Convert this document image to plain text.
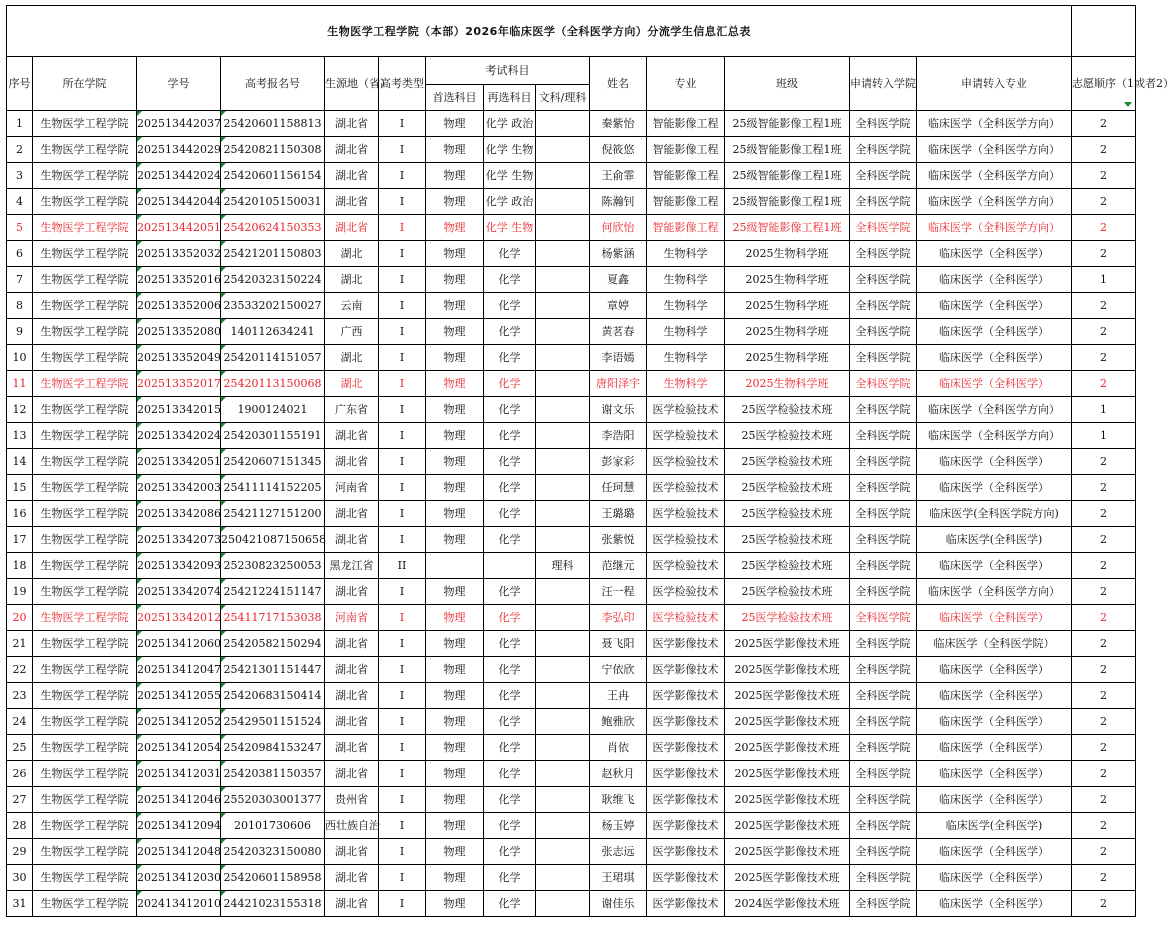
生物医学工程学院（本部）2026年临床医学（全科医学方向）分流学生信息汇总表														
序号	所在学院	学号	高考报名号	生源地（省）	高考类型	考试科目			姓名	专业	班级	申请转入学院	申请转入专业	志愿顺序（1或者2）

						首选科目	再选科目	文科/理科						
1	生物医学工程学院	202513442037	25420601158813	湖北省	I	物理	化学 政治		秦紫怡	智能影像工程	25级智能影像工程1班	全科医学院	临床医学（全科医学方向）	2
2	生物医学工程学院	202513442029	25420821150308	湖北省	I	物理	化学 生物		倪筱悠	智能影像工程	25级智能影像工程1班	全科医学院	临床医学（全科医学方向）	2
3	生物医学工程学院	202513442024	25420601156154	湖北省	I	物理	化学 生物		王俞霏	智能影像工程	25级智能影像工程1班	全科医学院	临床医学（全科医学方向）	2
4	生物医学工程学院	202513442044	25420105150031	湖北省	I	物理	化学 政治		陈瀚钊	智能影像工程	25级智能影像工程1班	全科医学院	临床医学（全科医学方向）	2
5	生物医学工程学院	202513442051	25420624150353	湖北省	I	物理	化学 生物		何欣怡	智能影像工程	25级智能影像工程1班	全科医学院	临床医学（全科医学方向）	2
6	生物医学工程学院	202513352032	25421201150803	湖北	I	物理	化学		杨紫涵	生物科学	2025生物科学班	全科医学院	临床医学（全科医学）	2
7	生物医学工程学院	202513352016	25420323150224	湖北	I	物理	化学		夏鑫	生物科学	2025生物科学班	全科医学院	临床医学（全科医学）	1
8	生物医学工程学院	202513352006	23533202150027	云南	I	物理	化学		章婷	生物科学	2025生物科学班	全科医学院	临床医学（全科医学）	2
9	生物医学工程学院	202513352080	140112634241	广西	I	物理	化学		黄茗春	生物科学	2025生物科学班	全科医学院	临床医学（全科医学）	2
10	生物医学工程学院	202513352049	25420114151057	湖北	I	物理	化学		李语嫣	生物科学	2025生物科学班	全科医学院	临床医学（全科医学）	2
11	生物医学工程学院	202513352017	25420113150068	湖北	I	物理	化学		唐阳泽宇	生物科学	2025生物科学班	全科医学院	临床医学（全科医学）	2
12	生物医学工程学院	202513342015	1900124021	广东省	I	物理	化学		谢文乐	医学检验技术	25医学检验技术班	全科医学院	临床医学（全科医学方向）	1
13	生物医学工程学院	202513342024	25420301155191	湖北省	I	物理	化学		李浩阳	医学检验技术	25医学检验技术班	全科医学院	临床医学（全科医学方向）	1
14	生物医学工程学院	202513342051	25420607151345	湖北省	I	物理	化学		彭家彩	医学检验技术	25医学检验技术班	全科医学院	临床医学（全科医学）	2
15	生物医学工程学院	202513342003	25411114152205	河南省	I	物理	化学		任珂慧	医学检验技术	25医学检验技术班	全科医学院	临床医学（全科医学）	2
16	生物医学工程学院	202513342086	25421127151200	湖北省	I	物理	化学		王璐璐	医学检验技术	25医学检验技术班	全科医学院	临床医学(全科医学院方向)	2
17	生物医学工程学院	202513342073	250421087150658	湖北省	I	物理	化学		张紫悦	医学检验技术	25医学检验技术班	全科医学院	临床医学(全科医学)	2
18	生物医学工程学院	202513342093	25230823250053	黑龙江省	II			理科	范继元	医学检验技术	25医学检验技术班	全科医学院	临床医学（全科医学）	2
19	生物医学工程学院	202513342074	25421224151147	湖北省	I	物理	化学		汪一程	医学检验技术	25医学检验技术班	全科医学院	临床医学（全科医学方向）	2
20	生物医学工程学院	202513342012	25411717153038	河南省	I	物理	化学		李弘印	医学检验技术	25医学检验技术班	全科医学院	临床医学（全科医学）	2
21	生物医学工程学院	202513412060	25420582150294	湖北省	I	物理	化学		聂飞阳	医学影像技术	2025医学影像技术班	全科医学院	临床医学（全科医学院）	2
22	生物医学工程学院	202513412047	25421301151447	湖北省	I	物理	化学		宁依欣	医学影像技术	2025医学影像技术班	全科医学院	临床医学（全科医学）	2
23	生物医学工程学院	202513412055	25420683150414	湖北省	I	物理	化学		王冉	医学影像技术	2025医学影像技术班	全科医学院	临床医学（全科医学）	2
24	生物医学工程学院	202513412052	25429501151524	湖北省	I	物理	化学		鲍雅欣	医学影像技术	2025医学影像技术班	全科医学院	临床医学（全科医学）	2
25	生物医学工程学院	202513412054	25420984153247	湖北省	I	物理	化学		肖依	医学影像技术	2025医学影像技术班	全科医学院	临床医学（全科医学）	2
26	生物医学工程学院	202513412031	25420381150357	湖北省	I	物理	化学		赵秋月	医学影像技术	2025医学影像技术班	全科医学院	临床医学（全科医学）	2
27	生物医学工程学院	202513412046	25520303001377	贵州省	I	物理	化学		耿维飞	医学影像技术	2025医学影像技术班	全科医学院	临床医学（全科医学）	2
28	生物医学工程学院	202513412094	20101730606	西壮族自治	I	物理	化学		杨玉婷	医学影像技术	2025医学影像技术班	全科医学院	临床医学(全科医学)	2
29	生物医学工程学院	202513412048	25420323150080	湖北省	I	物理	化学		张志远	医学影像技术	2025医学影像技术班	全科医学院	临床医学（全科医学）	2
30	生物医学工程学院	202513412030	25420601158958	湖北省	I	物理	化学		王珺琪	医学影像技术	2025医学影像技术班	全科医学院	临床医学（全科医学）	2
31	生物医学工程学院	202413412010	24421023155318	湖北省	I	物理	化学		谢佳乐	医学影像技术	2024医学影像技术班	全科医学院	临床医学（全科医学）	2
